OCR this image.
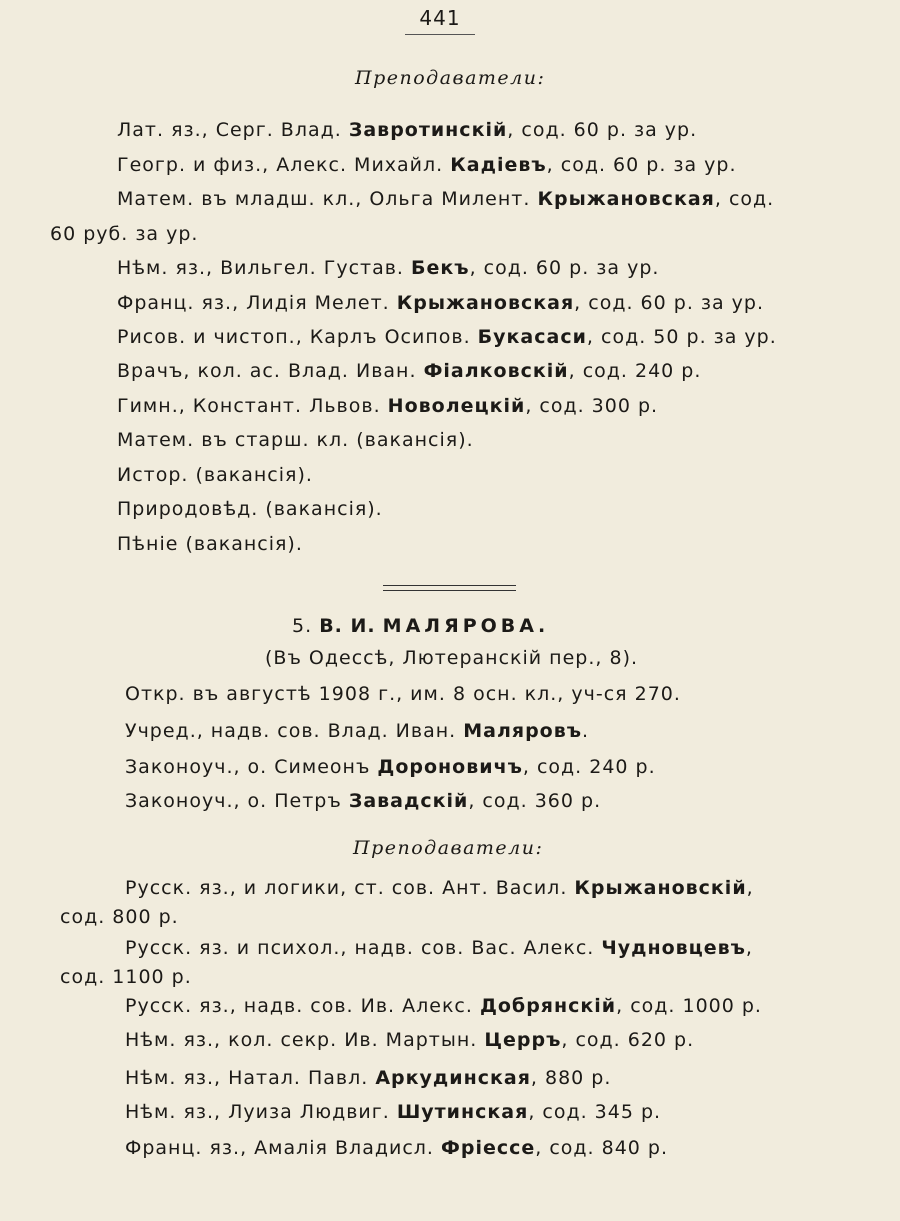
441
Преподаватели:
Лат. яз., Серг. Влад. Завротинскій, сод. 60 р. за ур.
Геогр. и физ., Алекс. Михайл. Кадіевъ, сод. 60 р. за ур.
Матем. въ младш. кл., Ольга Милент. Крыжановская, сод.
60 руб. за ур.
Нѣм. яз., Вильгел. Густав. Бекъ, сод. 60 р. за ур.
Франц. яз., Лидія Мелет. Крыжановская, сод. 60 р. за ур.
Рисов. и чистоп., Карлъ Осипов. Букасаси, сод. 50 р. за ур.
Врачъ, кол. ас. Влад. Иван. Фіалковскій, сод. 240 р.
Гимн., Констант. Львов. Новолецкій, сод. 300 р.
Матем. въ старш. кл. (вакансія).
Истор. (вакансія).
Природовѣд. (вакансія).
Пѣніе (вакансія).
5. В. И. МАЛЯРОВА.
(Въ Одессѣ, Лютеранскій пер., 8).
Откр. въ августѣ 1908 г., им. 8 осн. кл., уч-ся 270.
Учред., надв. сов. Влад. Иван. Маляровъ.
Законоуч., о. Симеонъ Дороновичъ, сод. 240 р.
Законоуч., о. Петръ Завадскій, сод. 360 р.
Преподаватели:
Русск. яз., и логики, ст. сов. Ант. Васил. Крыжановскій,
сод. 800 р.
Русск. яз. и психол., надв. сов. Вас. Алекс. Чудновцевъ,
сод. 1100 р.
Русск. яз., надв. сов. Ив. Алекс. Добрянскій, сод. 1000 р.
Нѣм. яз., кол. секр. Ив. Мартын. Церръ, сод. 620 р.
Нѣм. яз., Натал. Павл. Аркудинская, 880 р.
Нѣм. яз., Луиза Людвиг. Шутинская, сод. 345 р.
Франц. яз., Амалія Владисл. Фріессе, сод. 840 р.
